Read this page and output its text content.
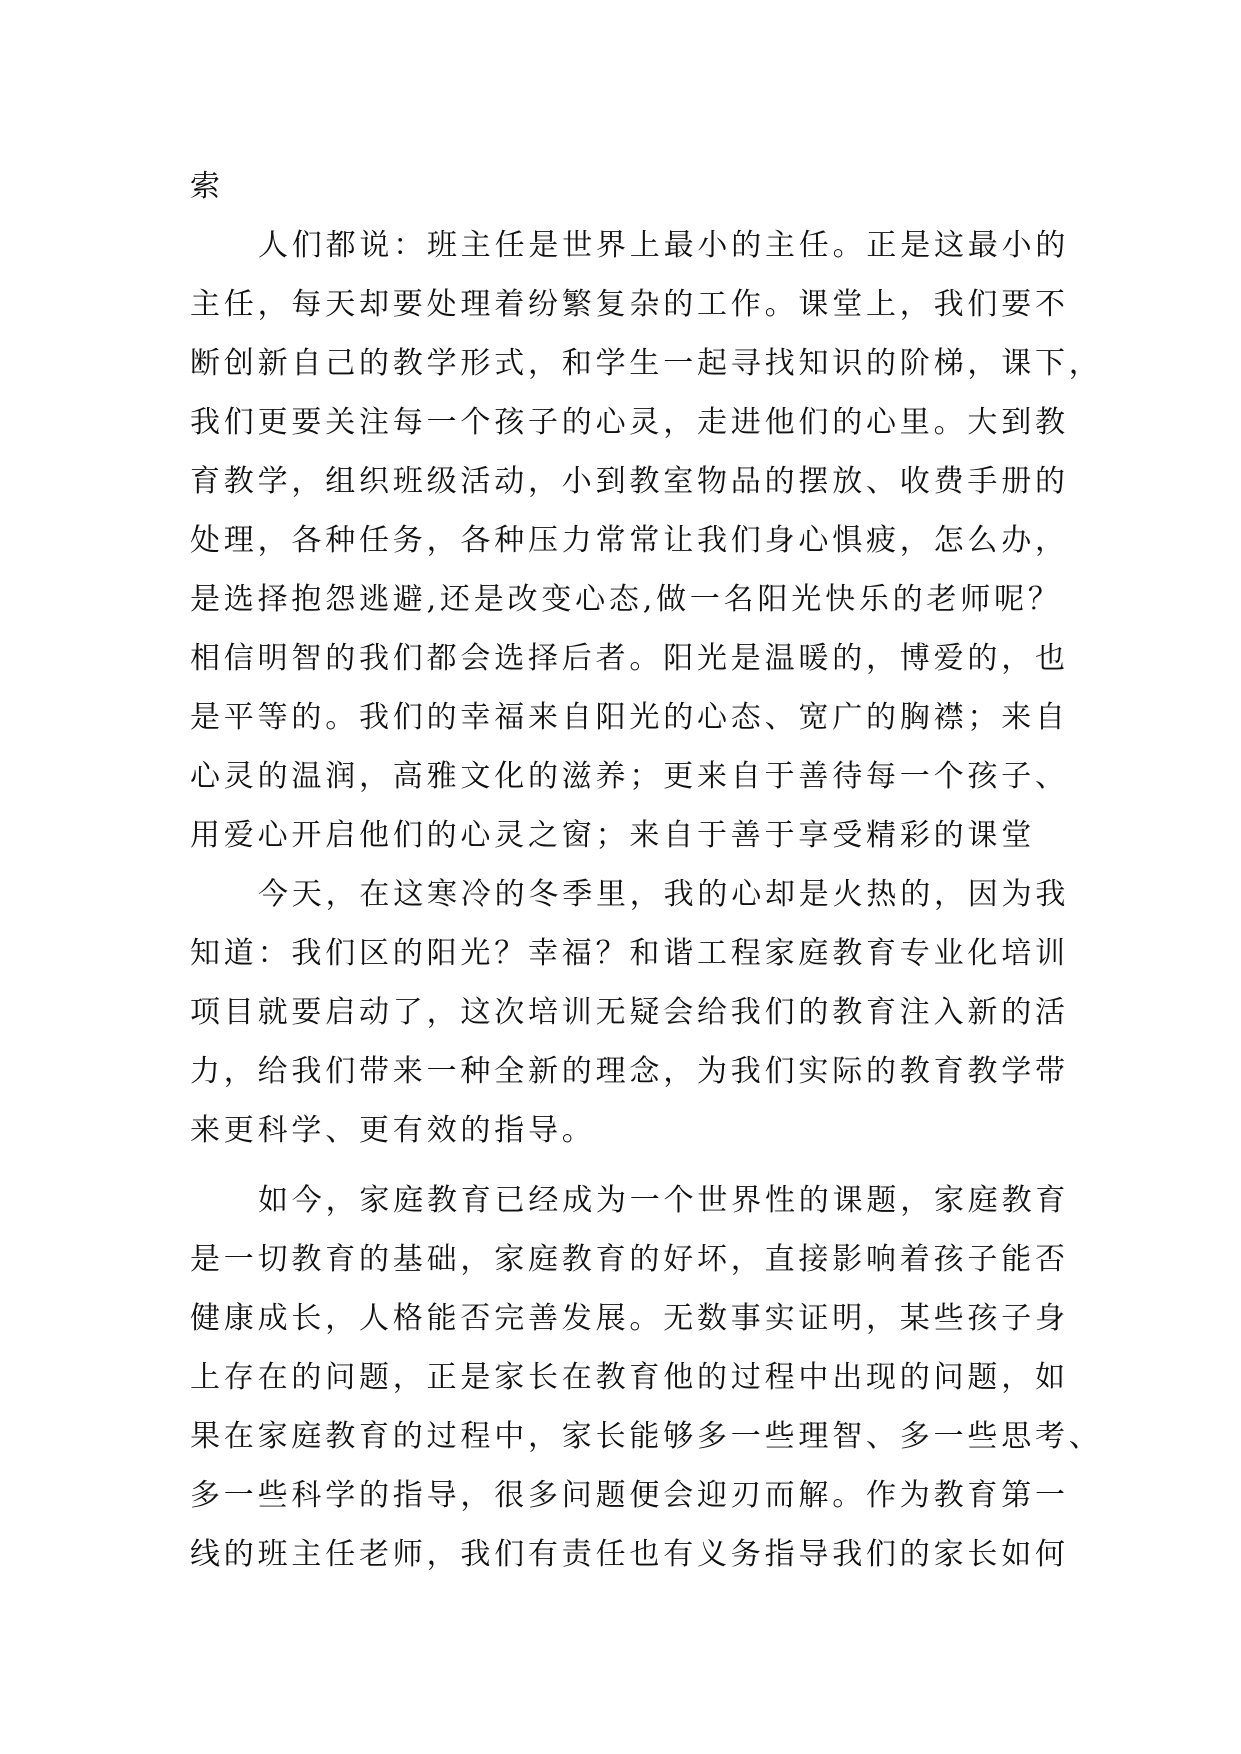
索
人们都说：班主任是世界上最小的主任。正是这最小的
主任，每天却要处理着纷繁复杂的工作。课堂上，我们要不
断创新自己的教学形式，和学生一起寻找知识的阶梯，课下，
我们更要关注每一个孩子的心灵，走进他们的心里。大到教
育教学，组织班级活动，小到教室物品的摆放、收费手册的
处理，各种任务，各种压力常常让我们身心惧疲，怎么办，
是选择抱怨逃避,还是改变心态,做一名阳光快乐的老师呢？
相信明智的我们都会选择后者。阳光是温暖的，博爱的，也
是平等的。我们的幸福来自阳光的心态、宽广的胸襟；来自
心灵的温润，高雅文化的滋养；更来自于善待每一个孩子、
用爱心开启他们的心灵之窗；来自于善于享受精彩的课堂
今天，在这寒冷的冬季里，我的心却是火热的，因为我
知道：我们区的阳光？幸福？和谐工程家庭教育专业化培训
项目就要启动了，这次培训无疑会给我们的教育注入新的活
力，给我们带来一种全新的理念，为我们实际的教育教学带
来更科学、更有效的指导。
如今，家庭教育已经成为一个世界性的课题，家庭教育
是一切教育的基础，家庭教育的好坏，直接影响着孩子能否
健康成长，人格能否完善发展。无数事实证明，某些孩子身
上存在的问题，正是家长在教育他的过程中出现的问题，如
果在家庭教育的过程中，家长能够多一些理智、多一些思考、
多一些科学的指导，很多问题便会迎刃而解。作为教育第一
线的班主任老师，我们有责任也有义务指导我们的家长如何
